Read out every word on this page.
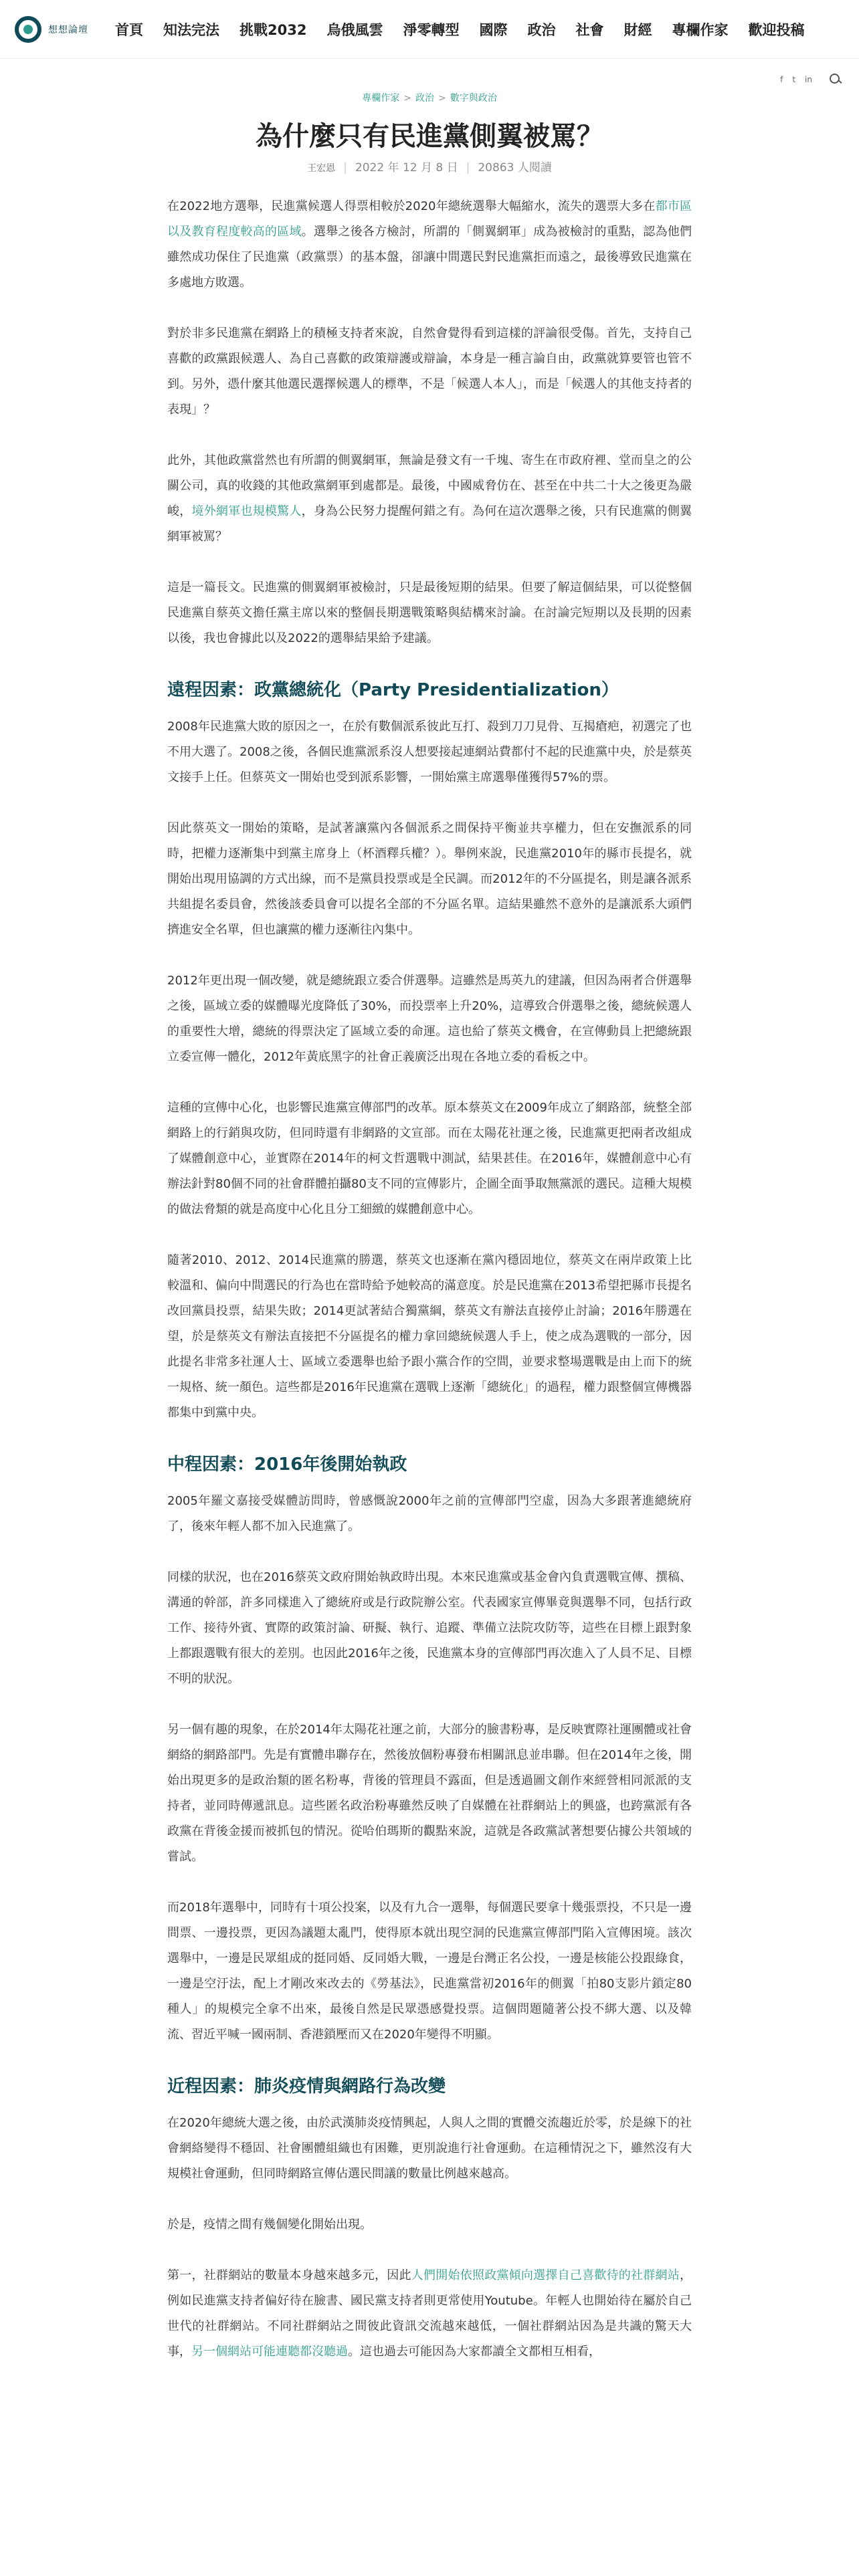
想想論壇 首頁 知法完法 挑戰2032 烏俄風雲 淨零轉型 國際 政治 社會 財經 專欄作家 歡迎投稿
f t in
專欄作家 > 政治 > 數字與政治
為什麼只有民進黨側翼被罵？
王宏恩 | 2022 年 12 月 8 日 | 20863 人閱讀

在2022地方選舉，民進黨候選人得票相較於2020年總統選舉大幅縮水，流失的選票大多在都市區以及教育程度較高的區域。選舉之後各方檢討，所謂的「側翼網軍」成為被檢討的重點，認為他們雖然成功保住了民進黨（政黨票）的基本盤，卻讓中間選民對民進黨拒而遠之，最後導致民進黨在多處地方敗選。

對於非多民進黨在網路上的積極支持者來說，自然會覺得看到這樣的評論很受傷。首先，支持自己喜歡的政黨跟候選人、為自己喜歡的政策辯護或辯論，本身是一種言論自由，政黨就算要管也管不到。另外，憑什麼其他選民選擇候選人的標準，不是「候選人本人」，而是「候選人的其他支持者的表現」？

此外，其他政黨當然也有所謂的側翼網軍，無論是發文有一千塊、寄生在市政府裡、堂而皇之的公關公司，真的收錢的其他政黨網軍到處都是。最後，中國威脅仿在、甚至在中共二十大之後更為嚴峻，境外網軍也規模驚人，身為公民努力提醒何錯之有。為何在這次選舉之後，只有民進黨的側翼網軍被罵？

這是一篇長文。民進黨的側翼網軍被檢討，只是最後短期的結果。但要了解這個結果，可以從整個民進黨自蔡英文擔任黨主席以來的整個長期選戰策略與結構來討論。在討論完短期以及長期的因素以後，我也會據此以及2022的選舉結果給予建議。

遠程因素：政黨總統化（Party Presidentialization）

2008年民進黨大敗的原因之一，在於有數個派系彼此互打、殺到刀刀見骨、互揭瘡疤，初選完了也不用大選了。2008之後，各個民進黨派系沒人想要接起連網站費都付不起的民進黨中央，於是蔡英文接手上任。但蔡英文一開始也受到派系影響，一開始黨主席選舉僅獲得57%的票。

因此蔡英文一開始的策略，是試著讓黨內各個派系之間保持平衡並共享權力，但在安撫派系的同時，把權力逐漸集中到黨主席身上（杯酒釋兵權？）。舉例來說，民進黨2010年的縣市長提名，就開始出現用協調的方式出線，而不是黨員投票或是全民調。而2012年的不分區提名，則是讓各派系共組提名委員會，然後該委員會可以提名全部的不分區名單。這結果雖然不意外的是讓派系大頭們擠進安全名單，但也讓黨的權力逐漸往內集中。

2012年更出現一個改變，就是總統跟立委合併選舉。這雖然是馬英九的建議，但因為兩者合併選舉之後，區域立委的媒體曝光度降低了30%，而投票率上升20%，這導致合併選舉之後，總統候選人的重要性大增，總統的得票決定了區域立委的命運。這也給了蔡英文機會，在宣傳動員上把總統跟立委宣傳一體化，2012年黃底黑字的社會正義廣泛出現在各地立委的看板之中。

這種的宣傳中心化，也影響民進黨宣傳部門的改革。原本蔡英文在2009年成立了網路部，統整全部網路上的行銷與攻防，但同時還有非網路的文宣部。而在太陽花社運之後，民進黨更把兩者改組成了媒體創意中心，並實際在2014年的柯文哲選戰中測試，結果甚佳。在2016年，媒體創意中心有辦法針對80個不同的社會群體拍攝80支不同的宣傳影片，企圖全面爭取無黨派的選民。這種大規模的做法脅類的就是高度中心化且分工細緻的媒體創意中心。

隨著2010、2012、2014民進黨的勝選，蔡英文也逐漸在黨內穩固地位，蔡英文在兩岸政策上比較溫和、偏向中間選民的行為也在當時給予她較高的滿意度。於是民進黨在2013希望把縣市長提名改回黨員投票，結果失敗；2014更試著結合獨黨綱，蔡英文有辦法直接停止討論；2016年勝選在望，於是蔡英文有辦法直接把不分區提名的權力拿回總統候選人手上，使之成為選戰的一部分，因此提名非常多社運人士、區域立委選舉也給予跟小黨合作的空間，並要求整場選戰是由上而下的統一規格、統一顏色。這些都是2016年民進黨在選戰上逐漸「總統化」的過程，權力跟整個宣傳機器都集中到黨中央。

中程因素：2016年後開始執政

2005年羅文嘉接受媒體訪問時，曾感慨說2000年之前的宣傳部門空虛，因為大多跟著進總統府了，後來年輕人都不加入民進黨了。

同樣的狀況，也在2016蔡英文政府開始執政時出現。本來民進黨或基金會內負責選戰宣傳、撰稿、溝通的幹部，許多同樣進入了總統府或是行政院辦公室。代表國家宣傳畢竟與選舉不同，包括行政工作、接待外賓、實際的政策討論、研擬、執行、追蹤、準備立法院攻防等，這些在目標上跟對象上都跟選戰有很大的差別。也因此2016年之後，民進黨本身的宣傳部門再次進入了人員不足、目標不明的狀況。

另一個有趣的現象，在於2014年太陽花社運之前，大部分的臉書粉專，是反映實際社運團體或社會網絡的網路部門。先是有實體串聯存在，然後放個粉專發布相關訊息並串聯。但在2014年之後，開始出現更多的是政治類的匿名粉專，背後的管理員不露面，但是透過圖文創作來經營相同派派的支持者，並同時傳遞訊息。這些匿名政治粉專雖然反映了自媒體在社群網站上的興盛，也跨黨派有各政黨在背後金援而被抓包的情況。從哈伯瑪斯的觀點來說，這就是各政黨試著想要佔據公共領域的嘗試。

而2018年選舉中，同時有十項公投案，以及有九合一選舉，每個選民要拿十幾張票投，不只是一邊間票、一邊投票，更因為議題太亂門，使得原本就出現空洞的民進黨宣傳部門陷入宣傳困境。該次選舉中，一邊是民眾組成的挺同婚、反同婚大戰，一邊是台灣正名公投，一邊是核能公投跟綠食，一邊是空汙法，配上才剛改來改去的《勞基法》，民進黨當初2016年的側翼「拍80支影片鎖定80種人」的規模完全拿不出來，最後自然是民眾憑感覺投票。這個問題隨著公投不綁大選、以及韓流、習近平喊一國兩制、香港鎖壓而又在2020年變得不明顯。

近程因素：肺炎疫情與網路行為改變

在2020年總統大選之後，由於武漢肺炎疫情興起，人與人之間的實體交流趨近於零，於是線下的社會網絡變得不穩固、社會團體組織也有困難，更別說進行社會運動。在這種情況之下，雖然沒有大規模社會運動，但同時網路宣傳佔選民間議的數量比例越來越高。

於是，疫情之間有幾個變化開始出現。

第一，社群網站的數量本身越來越多元，因此人們開始依照政黨傾向選擇自己喜歡待的社群網站，例如民進黨支持者偏好待在臉書、國民黨支持者則更常使用Youtube。年輕人也開始待在屬於自己世代的社群網站。不同社群網站之間彼此資訊交流越來越低，一個社群網站因為是共識的驚天大事，另一個網站可能連聽都沒聽過。這也過去可能因為大家都讀全文都相互相看，
